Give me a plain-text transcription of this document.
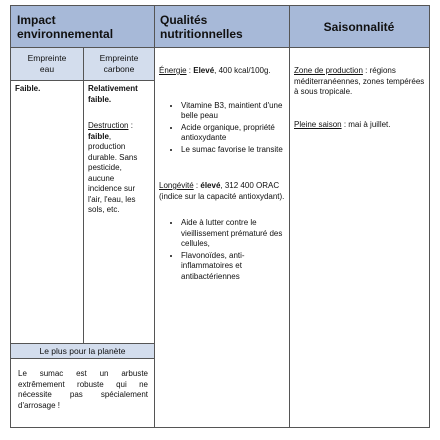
Impact environnemental
Qualités nutritionnelles	Saisonnalité
Empreinte
eau
Empreinte
carbone
Faible.	Relativement
faible.
Destruction : faible, production durable. Sans pesticide, aucune incidence sur l'air, l'eau, les sols, etc.
Le plus pour la planète
Le sumac est un arbuste extrêmement robuste qui ne nécessite pas spécialement d'arrosage !
Énergie : Elevé, 400 kcal/100g.
• Vitamine B3, maintient d'une belle peau
• Acide organique, propriété antioxydante
• Le sumac favorise le transite
Longévité : élevé, 312 400 ORAC (indice sur la capacité antioxydant).
• Aide à lutter contre le vieillissement prématuré des cellules,
• Flavonoïdes, anti-inflammatoires et antibactériennes
Zone de production : régions méditerranéennes, zones tempérées à sous tropicale.
Pleine saison : mai à juillet.
